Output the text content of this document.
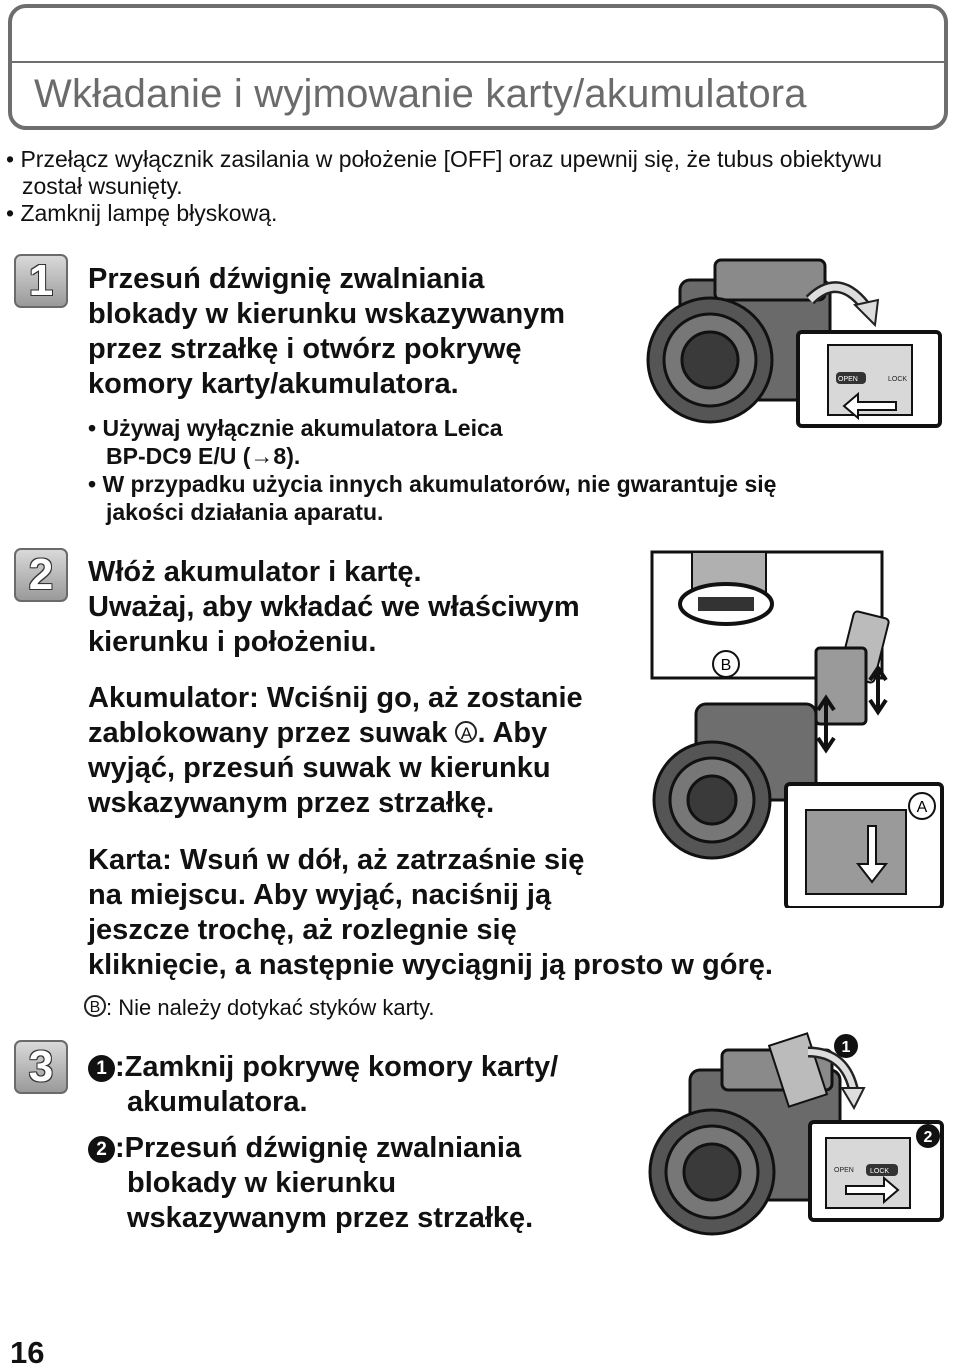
Wkładanie i wyjmowanie karty/akumulatora
• Przełącz wyłącznik zasilania w położenie [OFF] oraz upewnij się, że tubus obiektywu został wsunięty.
• Zamknij lampę błyskową.
1	Przesuń dźwignię zwalniania
blokady w kierunku wskazywanym
przez strzałkę i otwórz pokrywę
komory karty/akumulatora.
• Używaj wyłącznie akumulatora Leica
BP-DC9 E/U (→8).
• W przypadku użycia innych akumulatorów, nie gwarantuje się
jakości działania aparatu.
OPEN	LOCK
2	Włóż akumulator i kartę.
Uważaj, aby wkładać we właściwym
kierunku i położeniu.
Akumulator: Wciśnij go, aż zostanie
zablokowany przez suwak A . Aby
wyjąć, przesuń suwak w kierunku
wskazywanym przez strzałkę.
Karta: Wsuń w dół, aż zatrzaśnie się
na miejscu. Aby wyjąć, naciśnij ją
jeszcze trochę, aż rozlegnie się
kliknięcie, a następnie wyciągnij ją prosto w górę.
B : Nie należy dotykać styków karty.
B
A
3	1 :Zamknij pokrywę komory karty/
akumulatora.
2 :Przesuń dźwignię zwalniania
blokady w kierunku
wskazywanym przez strzałkę.
1
OPEN LOCK
2
16
